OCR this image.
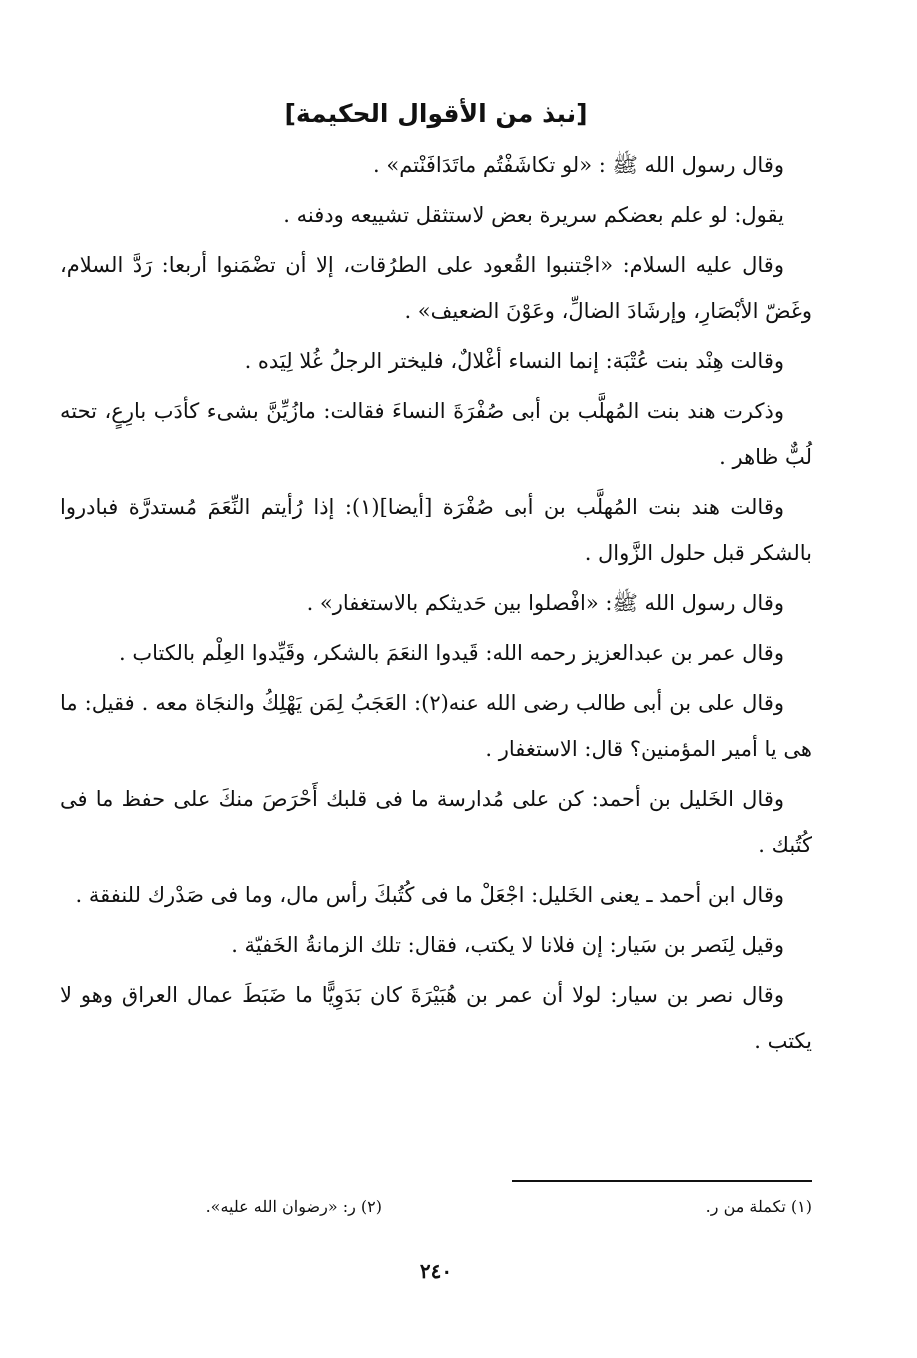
[نبذ من الأقوال الحكيمة]

وقال رسول الله ﷺ : «لو تكاشَفْتُم ماتَدَافَنْتم» .

يقول: لو علم بعضكم سريرة بعض لاستثقل تشييعه ودفنه .

وقال عليه السلام: «اجْتنبوا القُعود على الطرُقات، إلا أن تضْمَنوا أربعا: رَدَّ السلام، وغَضّ الأبْصَارِ، وإرشَادَ الضالِّ، وعَوْنَ الضعيف» .

وقالت هِنْد بنت عُتْبَة: إنما النساء أغْلالٌ، فليختر الرجلُ غُلا لِيَده .

وذكرت هند بنت المُهلَّب بن أبى صُفْرَةَ النساءَ فقالت: مازُيِّنَّ بشىء كأدَب بارِعٍ، تحته لُبٌّ ظاهر .

وقالت هند بنت المُهلَّب بن أبى صُفْرَة [أيضا](١): إذا رُأيتم النِّعَمَ مُستدرَّة فبادروا بالشكر قبل حلول الزَّوال .

وقال رسول الله ﷺ: «افْصلوا بين حَديثكم بالاستغفار» .

وقال عمر بن عبدالعزيز رحمه الله: قَيدوا النعَمَ بالشكر، وقَيِّدوا العِلْم بالكتاب .

وقال على بن أبى طالب رضى الله عنه(٢): العَجَبُ لِمَن يَهْلِكُ والنجَاة معه . فقيل: ما هى يا أمير المؤمنين؟ قال: الاستغفار .

وقال الخَليل بن أحمد: كن على مُدارسة ما فى قلبك أَحْرَصَ منكَ على حفظ ما فى كُتُبك .

وقال ابن أحمد ـ يعنى الخَليل: اجْعَلْ ما فى كُتُبكَ رأس مال، وما فى صَدْرك للنفقة .

وقيل لِنَصر بن سَيار: إن فلانا لا يكتب، فقال: تلك الزمانةُ الخَفيّة .

وقال نصر بن سيار: لولا أن عمر بن هُبَيْرَةَ كان بَدَوِيًّا ما ضَبَطَ عمال العراق وهو لا يكتب .

(١) تكملة من ر.
(٢) ر: «رضوان الله عليه».
٢٤٠
